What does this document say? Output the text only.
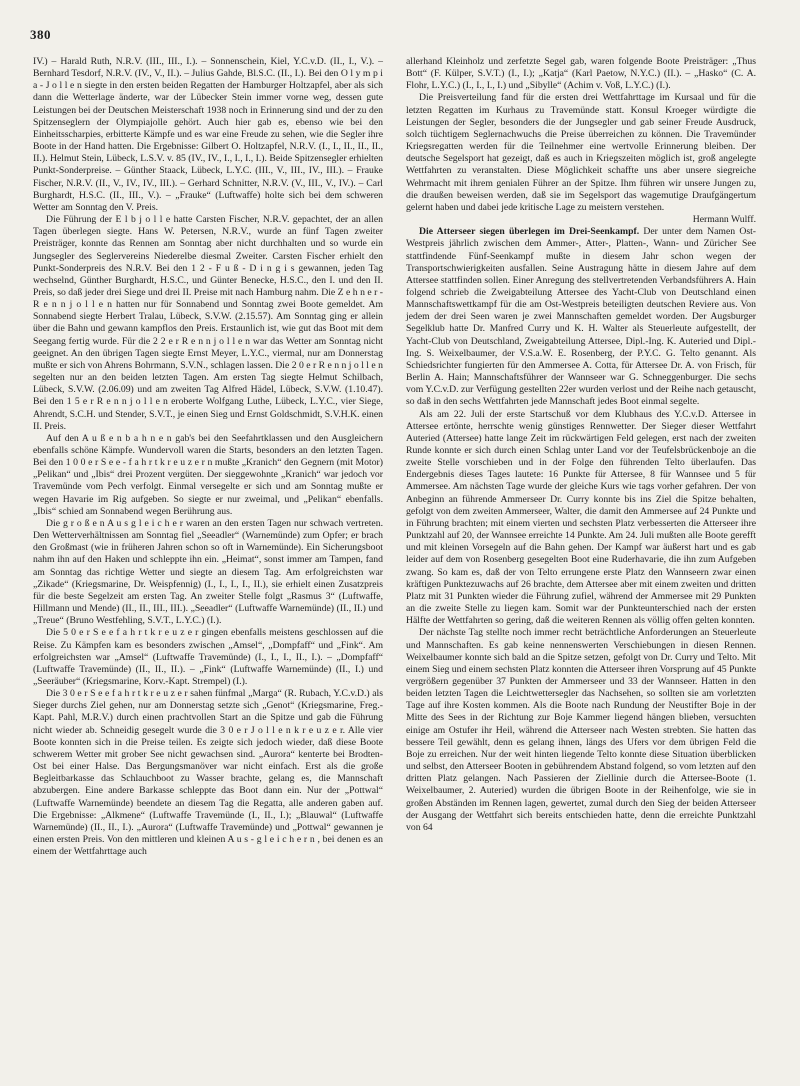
380

IV.) – Harald Ruth, N.R.V. (III., III., I.). – Sonnenschein, Kiel, Y.C.v.D. (II., I., V.). – Bernhard Tesdorf, N.R.V. (IV., V., II.). – Julius Gahde, Bl.S.C. (II., I.). Bei den O l y m p i a - J o l l e n siegte in den ersten beiden Regatten der Hamburger Holtzapfel, aber als sich dann die Wetterlage änderte, war der Lübecker Stein immer vorne weg, dessen gute Leistungen bei der Deutschen Meisterschaft 1938 noch in Erinnerung sind und der zu den Spitzenseglern der Olympiajolle gehört. Auch hier gab es, ebenso wie bei den Einheitsscharpies, erbitterte Kämpfe und es war eine Freude zu sehen, wie die Segler ihre Boote in der Hand hatten. Die Ergebnisse: Gilbert O. Holtzapfel, N.R.V. (I., I., II., II., II., II.). Helmut Stein, Lübeck, L.S.V. v. 85 (IV., IV., I., I., I., I.). Beide Spitzensegler erhielten Punkt-Sonderpreise. – Günther Staack, Lübeck, L.Y.C. (III., V., III., IV., III.). – Frauke Fischer, N.R.V. (II., V., IV., IV., III.). – Gerhard Schnitter, N.R.V. (V., III., V., IV.). – Carl Burghardt, H.S.C. (II., III., V.). – „Frauke“ (Luftwaffe) holte sich bei dem schweren Wetter am Sonntag den V. Preis.

Die Führung der E l b j o l l e hatte Carsten Fischer, N.R.V. gepachtet, der an allen Tagen überlegen siegte. Hans W. Petersen, N.R.V., wurde an fünf Tagen zweiter Preisträger, konnte das Rennen am Sonntag aber nicht durchhalten und so wurde ein Jungsegler des Seglervereins Niederelbe diesmal Zweiter. Carsten Fischer erhielt den Punkt-Sonderpreis des N.R.V. Bei den 1 2 - F u ß - D i n g i s gewannen, jeden Tag wechselnd, Günther Burghardt, H.S.C., und Günter Benecke, H.S.C., den I. und den II. Preis, so daß jeder drei Siege und drei II. Preise mit nach Hamburg nahm. Die Z e h n e r - R e n n j o l l e n hatten nur für Sonnabend und Sonntag zwei Boote gemeldet. Am Sonnabend siegte Herbert Tralau, Lübeck, S.V.W. (2.15.57). Am Sonntag ging er allein über die Bahn und gewann kampflos den Preis. Erstaunlich ist, wie gut das Boot mit dem Seegang fertig wurde. Für die 2 2 e r R e n n j o l l e n war das Wetter am Sonntag nicht geeignet. An den übrigen Tagen siegte Ernst Meyer, L.Y.C., viermal, nur am Donnerstag mußte er sich von Ahrens Bohrmann, S.V.N., schlagen lassen. Die 2 0 e r R e n n j o l l e n segelten nur an den beiden letzten Tagen. Am ersten Tag siegte Helmut Schilbach, Lübeck, S.V.W. (2.06.09) und am zweiten Tag Alfred Hädel, Lübeck, S.V.W. (1.10.47). Bei den 1 5 e r R e n n j o l l e n eroberte Wolfgang Luthe, Lübeck, L.Y.C., vier Siege, Ahrendt, S.C.H. und Stender, S.V.T., je einen Sieg und Ernst Goldschmidt, S.V.H.K. einen II. Preis.

Auf den A u ß e n b a h n e n gab's bei den Seefahrtklassen und den Ausgleichern ebenfalls schöne Kämpfe. Wundervoll waren die Starts, besonders an den letzten Tagen. Bei den 1 0 0 e r S e e - f a h r t k r e u z e r n mußte „Kranich“ den Gegnern (mit Motor) „Pelikan“ und „Ibis“ drei Prozent vergüten. Der sieggewohnte „Kranich“ war jedoch vor Travemünde vom Pech verfolgt. Einmal versegelte er sich und am Sonntag mußte er wegen Havarie im Rig aufgeben. So siegte er nur zweimal, und „Pelikan“ ebenfalls. „Ibis“ schied am Sonnabend wegen Berührung aus.

Die g r o ß e n A u s g l e i c h e r waren an den ersten Tagen nur schwach vertreten. Den Wetterverhältnissen am Sonntag fiel „Seeadler“ (Warnemünde) zum Opfer; er brach den Großmast (wie in früheren Jahren schon so oft in Warnemünde). Ein Sicherungsboot nahm ihn auf den Haken und schleppte ihn ein. „Heimat“, sonst immer am Tampen, fand am Sonntag das richtige Wetter und siegte an diesem Tag. Am erfolgreichsten war „Zikade“ (Kriegsmarine, Dr. Weispfennig) (I., I., I., I., II.), sie erhielt einen Zusatzpreis für die beste Segelzeit am ersten Tag. An zweiter Stelle folgt „Rasmus 3“ (Luftwaffe, Hillmann und Mende) (II., II., III., III.). „Seeadler“ (Luftwaffe Warnemünde) (II., II.) und „Treue“ (Bruno Westfehling, S.V.T., L.Y.C.) (I.).

Die 5 0 e r S e e f a h r t k r e u z e r gingen ebenfalls meistens geschlossen auf die Reise. Zu Kämpfen kam es besonders zwischen „Amsel“, „Dompfaff“ und „Fink“. Am erfolgreichsten war „Amsel“ (Luftwaffe Travemünde) (I., I., I., II., I.). – „Dompfaff“ (Luftwaffe Travemünde) (II., II., II.). – „Fink“ (Luftwaffe Warnemünde) (II., I.) und „Seeräuber“ (Kriegsmarine, Korv.-Kapt. Strempel) (I.).

Die 3 0 e r S e e f a h r t k r e u z e r sahen fünfmal „Marga“ (R. Rubach, Y.C.v.D.) als Sieger durchs Ziel gehen, nur am Donnerstag setzte sich „Genot“ (Kriegsmarine, Freg.-Kapt. Pahl, M.R.V.) durch einen prachtvollen Start an die Spitze und gab die Führung nicht wieder ab. Schneidig gesegelt wurde die 3 0 e r J o l l e n k r e u z e r. Alle vier Boote konnten sich in die Preise teilen. Es zeigte sich jedoch wieder, daß diese Boote schwerem Wetter mit grober See nicht gewachsen sind. „Aurora“ kenterte bei Brodten-Ost bei einer Halse. Das Bergungsmanöver war nicht einfach. Erst als die große Begleitbarkasse das Schlauchboot zu Wasser brachte, gelang es, die Mannschaft abzubergen. Eine andere Barkasse schleppte das Boot dann ein. Nur der „Pottwal“ (Luftwaffe Warnemünde) beendete an diesem Tag die Regatta, alle anderen gaben auf. Die Ergebnisse: „Alkmene“ (Luftwaffe Travemünde (I., II., I.); „Blauwal“ (Luftwaffe Warnemünde) (II., II., I.). „Aurora“ (Luftwaffe Travemünde) und „Pottwal“ gewannen je einen ersten Preis. Von den mittleren und kleinen A u s - g l e i c h e r n , bei denen es an einem der Wettfahrttage auch

allerhand Kleinholz und zerfetzte Segel gab, waren folgende Boote Preisträger: „Thus Bott“ (F. Külper, S.V.T.) (I., I.); „Katja“ (Karl Paetow, N.Y.C.) (II.). – „Hasko“ (C. A. Flohr, L.Y.C.) (I., I., I., I.) und „Sibylle“ (Achim v. Voß, L.Y.C.) (I.).

Die Preisverteilung fand für die ersten drei Wettfahrttage im Kursaal und für die letzten Regatten im Kurhaus zu Travemünde statt. Konsul Kroeger würdigte die Leistungen der Segler, besonders die der Jungsegler und gab seiner Freude Ausdruck, solch tüchtigem Seglernachwuchs die Preise überreichen zu können. Die Travemünder Kriegsregatten werden für die Teilnehmer eine wertvolle Erinnerung bleiben. Der deutsche Segelsport hat gezeigt, daß es auch in Kriegszeiten möglich ist, groß angelegte Wettfahrten zu veranstalten. Diese Möglichkeit schaffte uns aber unsere siegreiche Wehrmacht mit ihrem genialen Führer an der Spitze. Ihm führen wir unsere Jungen zu, die draußen beweisen werden, daß sie im Segelsport das wagemutige Draufgängertum gelernt haben und dabei jede kritische Lage zu meistern verstehen.

Hermann Wulff.

Die Atterseer siegen überlegen im Drei-Seenkampf. Der unter dem Namen Ost-Westpreis jährlich zwischen dem Ammer-, Atter-, Platten-, Wann- und Züricher See stattfindende Fünf-Seenkampf mußte in diesem Jahr schon wegen der Transportschwierigkeiten ausfallen. Seine Austragung hätte in diesem Jahre auf dem Attersee stattfinden sollen. Einer Anregung des stellvertretenden Verbandsführers A. Hain folgend schrieb die Zweigabteilung Attersee des Yacht-Club von Deutschland einen Mannschaftswettkampf für die am Ost-Westpreis beteiligten deutschen Reviere aus. Von jedem der drei Seen waren je zwei Mannschaften gemeldet worden. Der Augsburger Segelklub hatte Dr. Manfred Curry und K. H. Walter als Steuerleute aufgestellt, der Yacht-Club von Deutschland, Zweigabteilung Attersee, Dipl.-Ing. K. Auteried und Dipl.-Ing. S. Weixelbaumer, der V.S.a.W. E. Rosenberg, der P.Y.C. G. Telto genannt. Als Schiedsrichter fungierten für den Ammersee A. Cotta, für Attersee Dr. A. von Frisch, für Berlin A. Hain; Mannschaftsführer der Wannseer war G. Schneggenburger. Die sechs vom Y.C.v.D. zur Verfügung gestellten 22er wurden verlost und der Reihe nach getauscht, so daß in den sechs Wettfahrten jede Mannschaft jedes Boot einmal segelte.

Als am 22. Juli der erste Startschuß vor dem Klubhaus des Y.C.v.D. Attersee in Attersee ertönte, herrschte wenig günstiges Rennwetter. Der Sieger dieser Wettfahrt Auteried (Attersee) hatte lange Zeit im rückwärtigen Feld gelegen, erst nach der zweiten Runde konnte er sich durch einen Schlag unter Land vor der Teufelsbrückenboje an die zweite Stelle vorschieben und in der Folge den führenden Telto überlaufen. Das Endergebnis dieses Tages lautete: 16 Punkte für Attersee, 8 für Wannsee und 5 für Ammersee. Am nächsten Tage wurde der gleiche Kurs wie tags vorher gefahren. Der von Anbeginn an führende Ammerseer Dr. Curry konnte bis ins Ziel die Spitze behalten, gefolgt von dem zweiten Ammerseer, Walter, die damit den Ammersee auf 24 Punkte und in Führung brachten; mit einem vierten und sechsten Platz verbesserten die Atterseer ihre Punktzahl auf 20, der Wannsee erreichte 14 Punkte. Am 24. Juli mußten alle Boote gerefft und mit kleinen Vorsegeln auf die Bahn gehen. Der Kampf war äußerst hart und es gab leider auf dem von Rosenberg gesegelten Boot eine Ruderhavarie, die ihn zum Aufgeben zwang. So kam es, daß der von Telto errungene erste Platz den Wannseern zwar einen kräftigen Punktezuwachs auf 26 brachte, dem Attersee aber mit einem zweiten und dritten Platz mit 31 Punkten wieder die Führung zufiel, während der Ammersee mit 29 Punkten an die zweite Stelle zu liegen kam. Somit war der Punkteunterschied nach der ersten Hälfte der Wettfahrten so gering, daß die weiteren Rennen als völlig offen gelten konnten.

Der nächste Tag stellte noch immer recht beträchtliche Anforderungen an Steuerleute und Mannschaften. Es gab keine nennenswerten Verschiebungen in diesen Rennen. Weixelbaumer konnte sich bald an die Spitze setzen, gefolgt von Dr. Curry und Telto. Mit einem Sieg und einem sechsten Platz konnten die Atterseer ihren Vorsprung auf 45 Punkte vergrößern gegenüber 37 Punkten der Ammerseer und 33 der Wannseer. Hatten in den beiden letzten Tagen die Leichtwettersegler das Nachsehen, so sollten sie am vorletzten Tage auf ihre Kosten kommen. Als die Boote nach Rundung der Neustifter Boje in der Mitte des Sees in der Richtung zur Boje Kammer liegend hängen blieben, versuchten einige am Ostufer ihr Heil, während die Atterseer nach Westen strebten. Sie hatten das bessere Teil gewählt, denn es gelang ihnen, längs des Ufers vor dem übrigen Feld die Boje zu erreichen. Nur der weit hinten liegende Telto konnte diese Situation überblicken und selbst, den Atterseer Booten in gebührendem Abstand folgend, so vom letzten auf den dritten Platz gelangen. Nach Passieren der Ziellinie durch die Attersee-Boote (1. Weixelbaumer, 2. Auteried) wurden die übrigen Boote in der Reihenfolge, wie sie in großen Abständen im Rennen lagen, gewertet, zumal durch den Sieg der beiden Atterseer der Ausgang der Wettfahrt sich bereits entschieden hatte, denn die erreichte Punktzahl von 64
